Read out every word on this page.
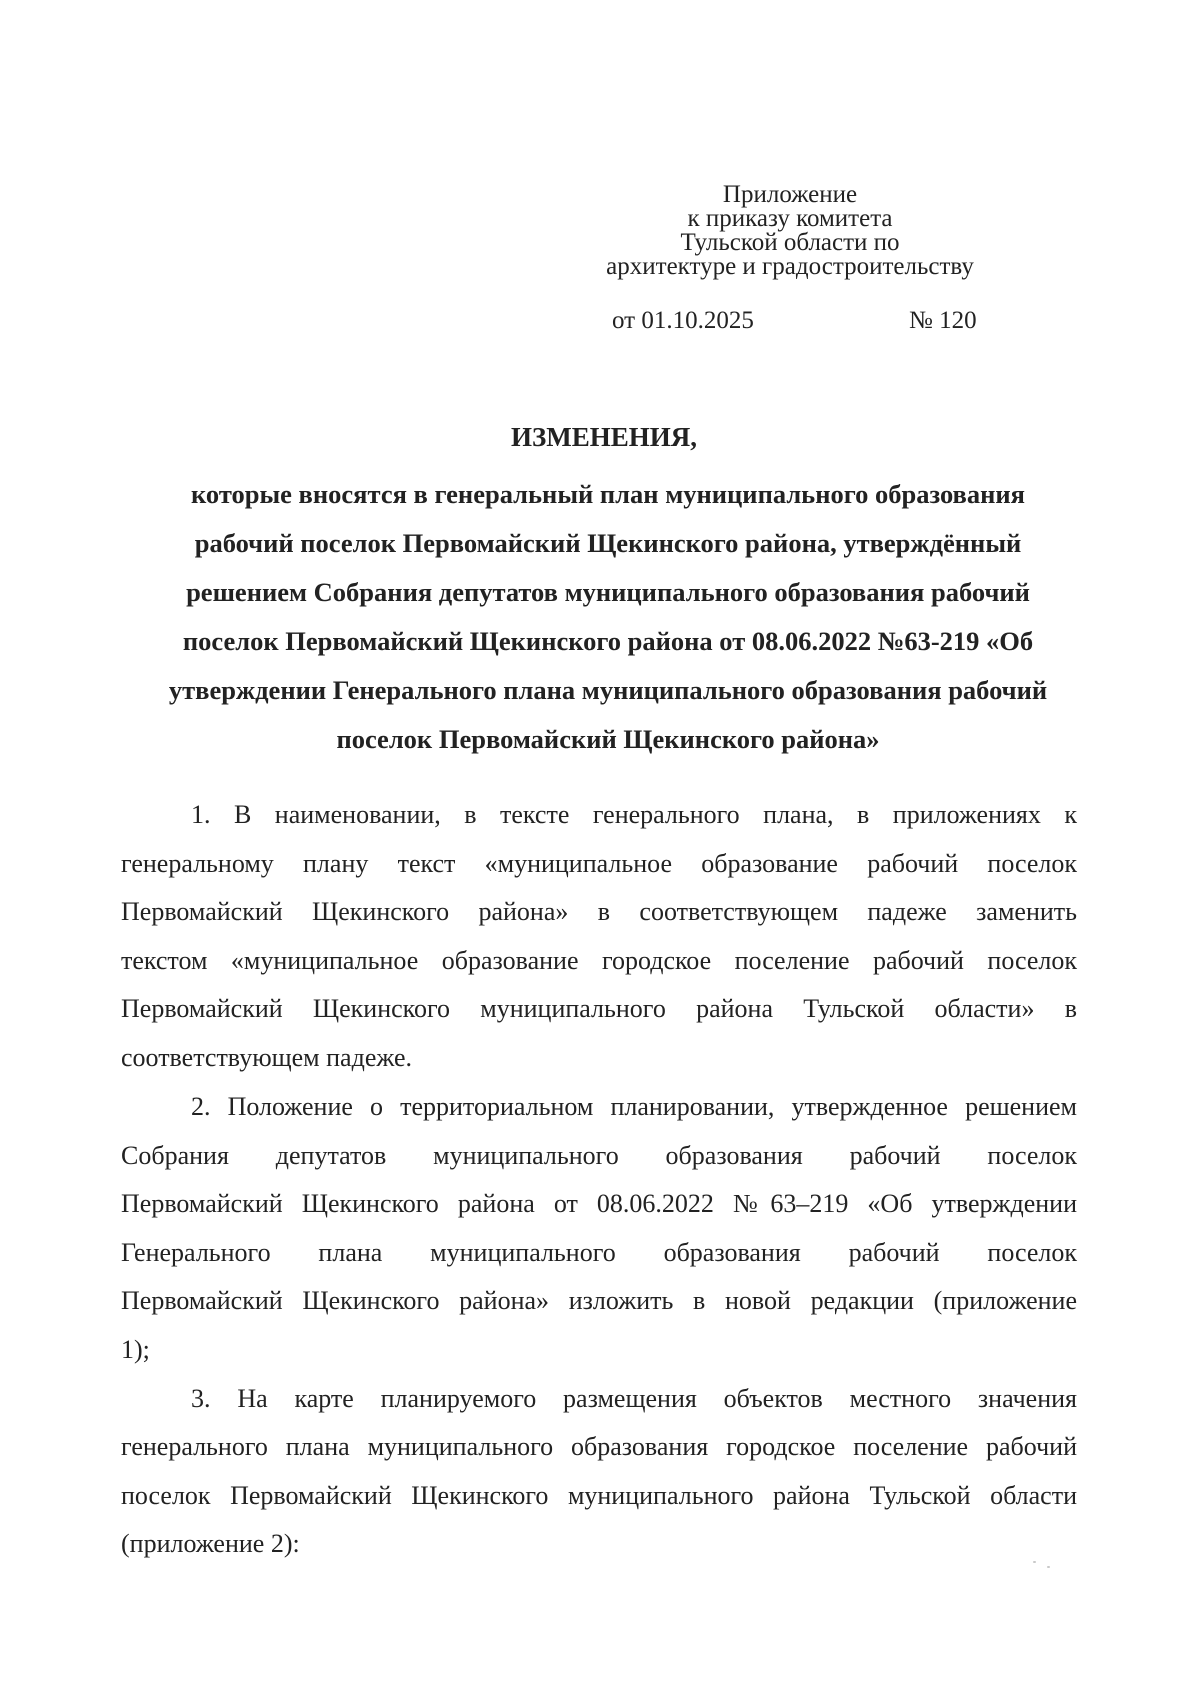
Приложение
к приказу комитета
Тульской области по
архитектуре и градостроительству
от 01.10.2025	№ 120
ИЗМЕНЕНИЯ,
которые вносятся в генеральный план муниципального образования
рабочий поселок Первомайский Щекинского района, утверждённый
решением Собрания депутатов муниципального образования рабочий
поселок Первомайский Щекинского района от 08.06.2022 №63-219 «Об
утверждении Генерального плана муниципального образования рабочий
поселок Первомайский Щекинского района»
1. В наименовании, в тексте генерального плана, в приложениях к
генеральному плану текст «муниципальное образование рабочий поселок
Первомайский Щекинского района» в соответствующем падеже заменить
текстом «муниципальное образование городское поселение рабочий поселок
Первомайский Щекинского муниципального района Тульской области» в
соответствующем падеже.
2. Положение о территориальном планировании, утвержденное решением
Собрания депутатов муниципального образования рабочий поселок
Первомайский Щекинского района от 08.06.2022 №63–219 «Об утверждении
Генерального плана муниципального образования рабочий поселок
Первомайский Щекинского района» изложить в новой редакции (приложение
1);
3. На карте планируемого размещения объектов местного значения
генерального плана муниципального образования городское поселение рабочий
поселок Первомайский Щекинского муниципального района Тульской области
(приложение 2):
